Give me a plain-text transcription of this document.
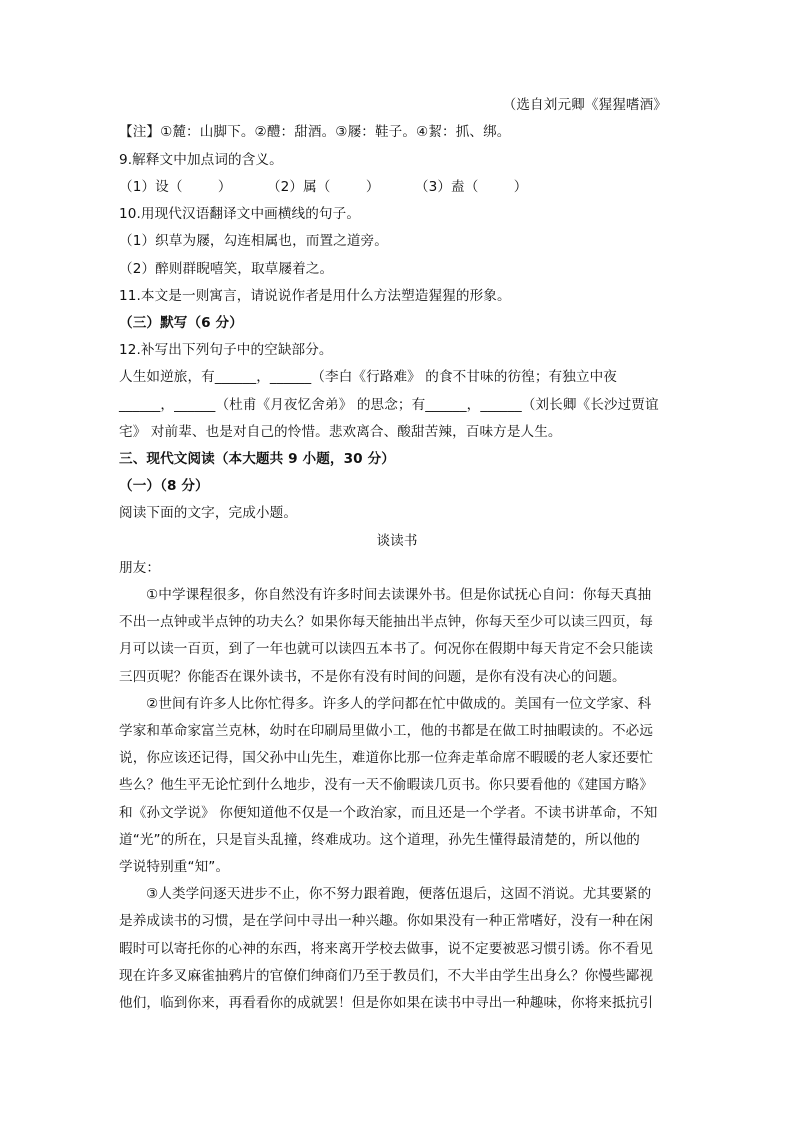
（选自刘元卿《猩猩嗜酒》
【注】①麓：山脚下。②醴：甜酒。③屦：鞋子。④絜：抓、绑。
9.解释文中加点词的含义。
（1）设（        ）        （2）属（        ）        （3）盍（        ）
10.用现代汉语翻译文中画横线的句子。
（1）织草为屦，勾连相属也，而置之道旁。
（2）醉则群睨嘻笑，取草屦着之。
11.本文是一则寓言，请说说作者是用什么方法塑造猩猩的形象。
（三）默写（6 分）
12.补写出下列句子中的空缺部分。
人生如逆旅，有______，______（李白《行路难》 的食不甘味的彷徨；有独立中夜
______，______（杜甫《月夜忆舍弟》 的思念；有______，______（刘长卿《长沙过贾谊
宅》 对前辈、也是对自己的怜惜。悲欢离合、酸甜苦辣，百味方是人生。
三、现代文阅读（本大题共 9 小题，30 分）
（一）（8 分）
阅读下面的文字，完成小题。
谈读书
朋友：
①中学课程很多，你自然没有许多时间去读课外书。但是你试抚心自问：你每天真抽
不出一点钟或半点钟的功夫么？如果你每天能抽出半点钟，你每天至少可以读三四页，每
月可以读一百页，到了一年也就可以读四五本书了。何况你在假期中每天肯定不会只能读
三四页呢？你能否在课外读书，不是你有没有时间的问题，是你有没有决心的问题。
②世间有许多人比你忙得多。许多人的学问都在忙中做成的。美国有一位文学家、科
学家和革命家富兰克林，幼时在印刷局里做小工，他的书都是在做工时抽暇读的。不必远
说，你应该还记得，国父孙中山先生，难道你比那一位奔走革命席不暇暖的老人家还要忙
些么？他生平无论忙到什么地步，没有一天不偷暇读几页书。你只要看他的《建国方略》
和《孙文学说》 你便知道他不仅是一个政治家，而且还是一个学者。不读书讲革命，不知
道“光”的所在，只是盲头乱撞，终难成功。这个道理，孙先生懂得最清楚的，所以他的
学说特别重“知”。
③人类学问逐天进步不止，你不努力跟着跑，便落伍退后，这固不消说。尤其要紧的
是养成读书的习惯，是在学问中寻出一种兴趣。你如果没有一种正常嗜好，没有一种在闲
暇时可以寄托你的心神的东西，将来离开学校去做事，说不定要被恶习惯引诱。你不看见
现在许多叉麻雀抽鸦片的官僚们绅商们乃至于教员们，不大半由学生出身么？你慢些鄙视
他们，临到你来，再看看你的成就罢！但是你如果在读书中寻出一种趣味，你将来抵抗引
